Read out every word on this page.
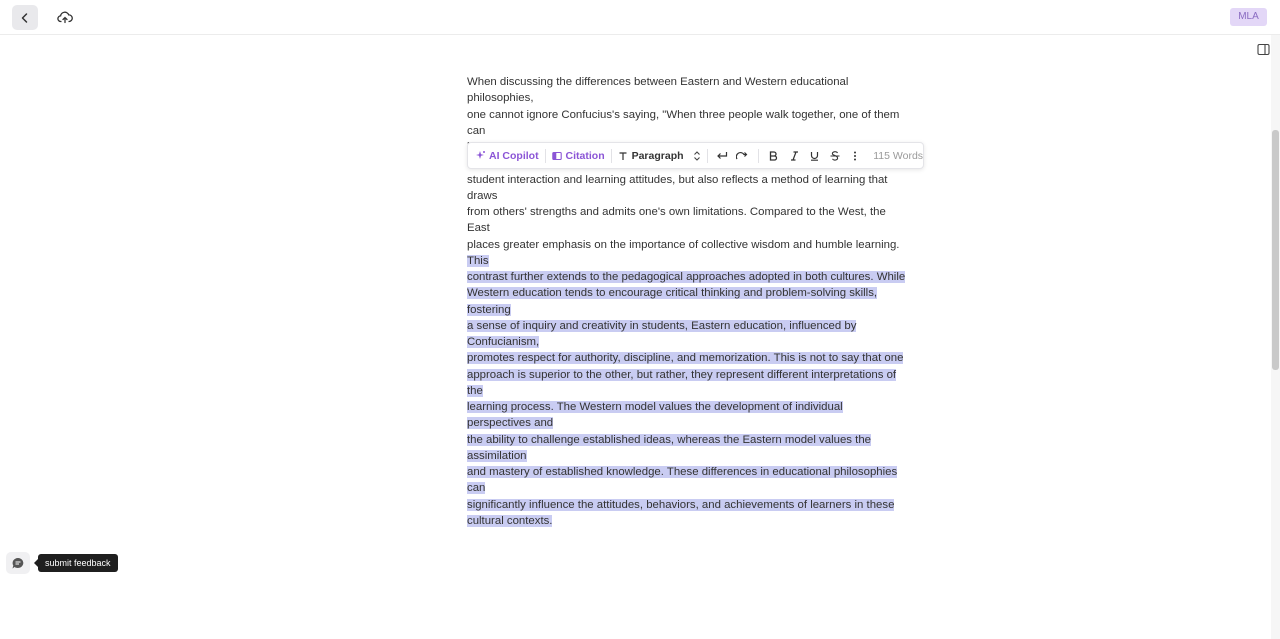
MLA

When discussing the differences between Eastern and Western educational philosophies,
one cannot ignore Confucius's saying, "When three people walk together, one of them can

student interaction and learning attitudes, but also reflects a method of learning that draws
from others' strengths and admits one's own limitations. Compared to the West, the East
places greater emphasis on the importance of collective wisdom and humble learning. This
contrast further extends to the pedagogical approaches adopted in both cultures. While
Western education tends to encourage critical thinking and problem-solving skills, fostering
a sense of inquiry and creativity in students, Eastern education, influenced by Confucianism,
promotes respect for authority, discipline, and memorization. This is not to say that one
approach is superior to the other, but rather, they represent different interpretations of the
learning process. The Western model values the development of individual perspectives and
the ability to challenge established ideas, whereas the Eastern model values the assimilation
and mastery of established knowledge. These differences in educational philosophies can
significantly influence the attitudes, behaviors, and achievements of learners in these
cultural contexts.

AI Copilot	Citation	Paragraph	115 Words
submit feedback
